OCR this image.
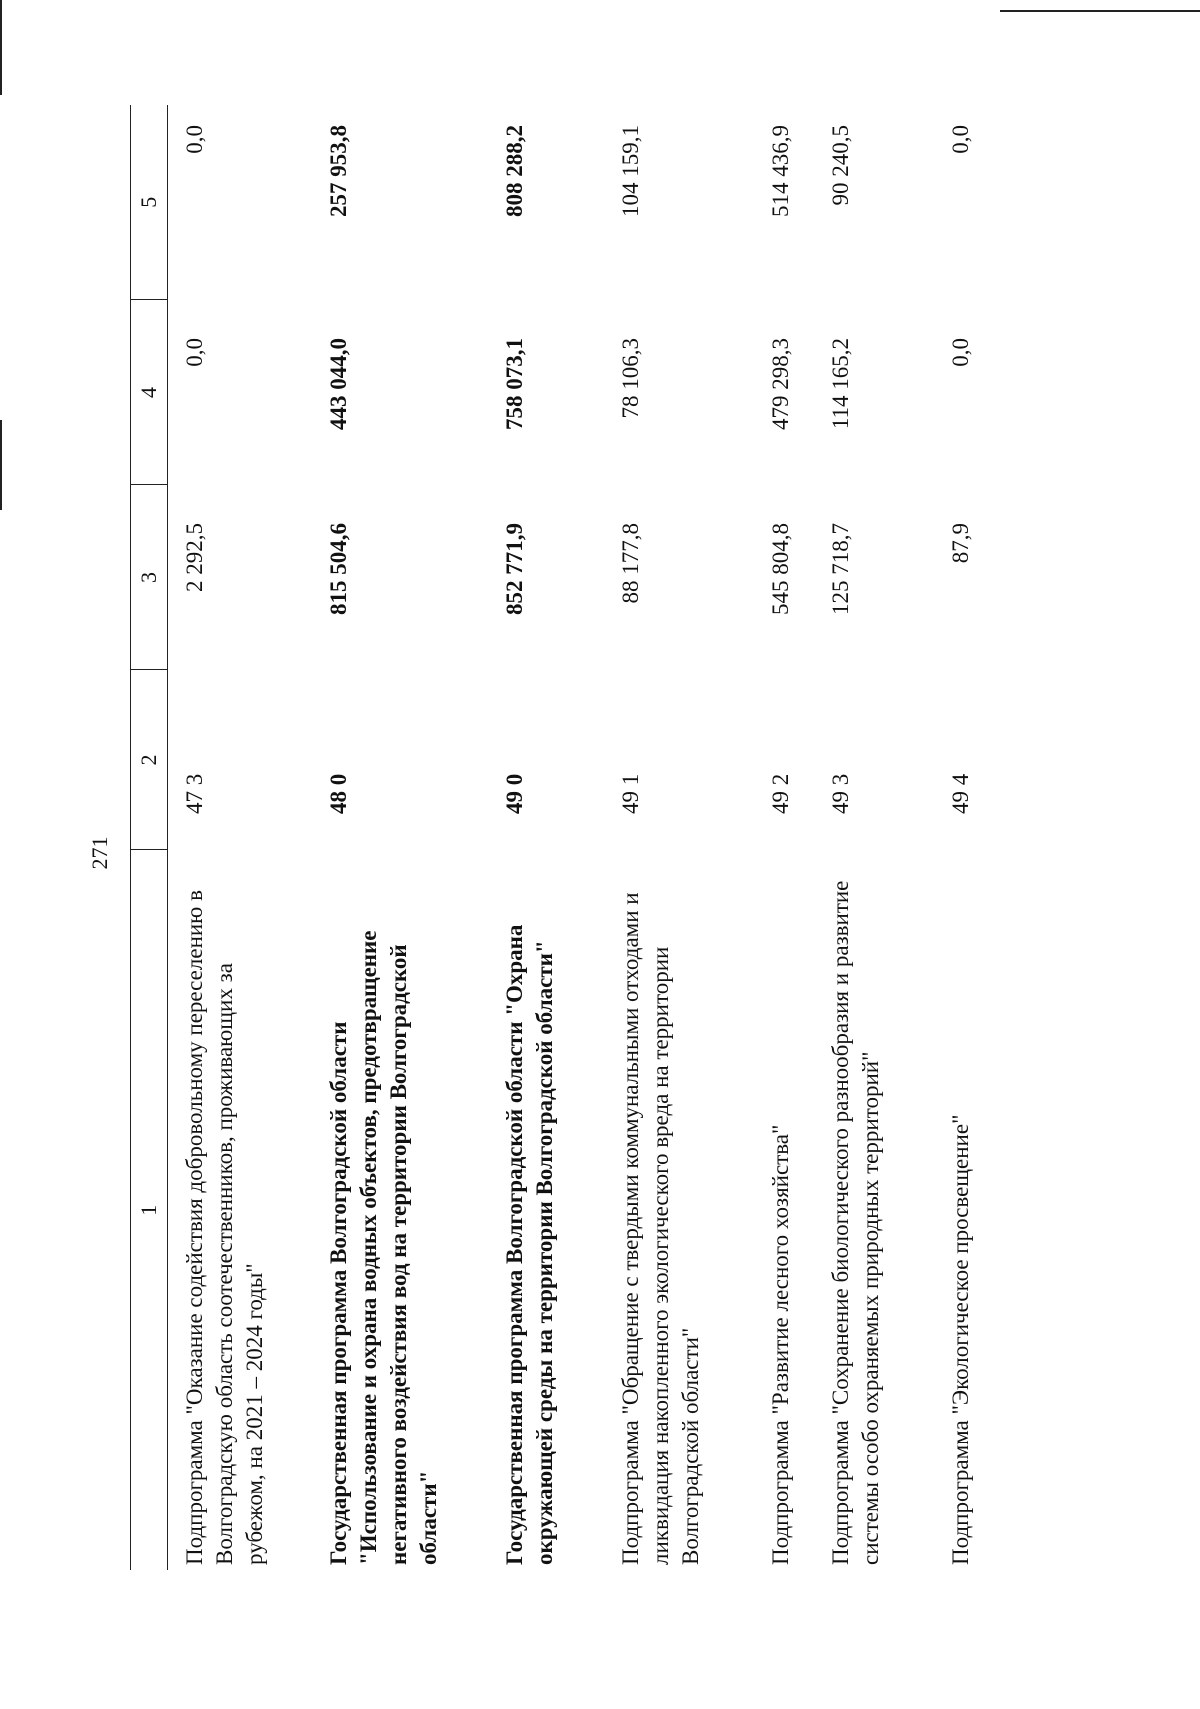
271
1	2	3	4	5
Подпрограмма "Оказание содействия добровольному переселению в Волгоградскую область соотечественников, проживающих за рубежом, на 2021 – 2024 годы"	47 3	2 292,5	0,0	0,0
Государственная программа Волгоградской области "Использование и охрана водных объектов, предотвращение негативного воздействия вод на территории Волгоградской области"	48 0	815 504,6	443 044,0	257 953,8
Государственная программа Волгоградской области "Охрана окружающей среды на территории Волгоградской области"	49 0	852 771,9	758 073,1	808 288,2
Подпрограмма "Обращение с твердыми коммунальными отходами и ликвидация накопленного экологического вреда на территории Волгоградской области"	49 1	88 177,8	78 106,3	104 159,1
Подпрограмма "Развитие лесного хозяйства"	49 2	545 804,8	479 298,3	514 436,9
Подпрограмма "Сохранение биологического разнообразия и развитие системы особо охраняемых природных территорий"	49 3	125 718,7	114 165,2	90 240,5
Подпрограмма "Экологическое просвещение"	49 4	87,9	0,0	0,0
